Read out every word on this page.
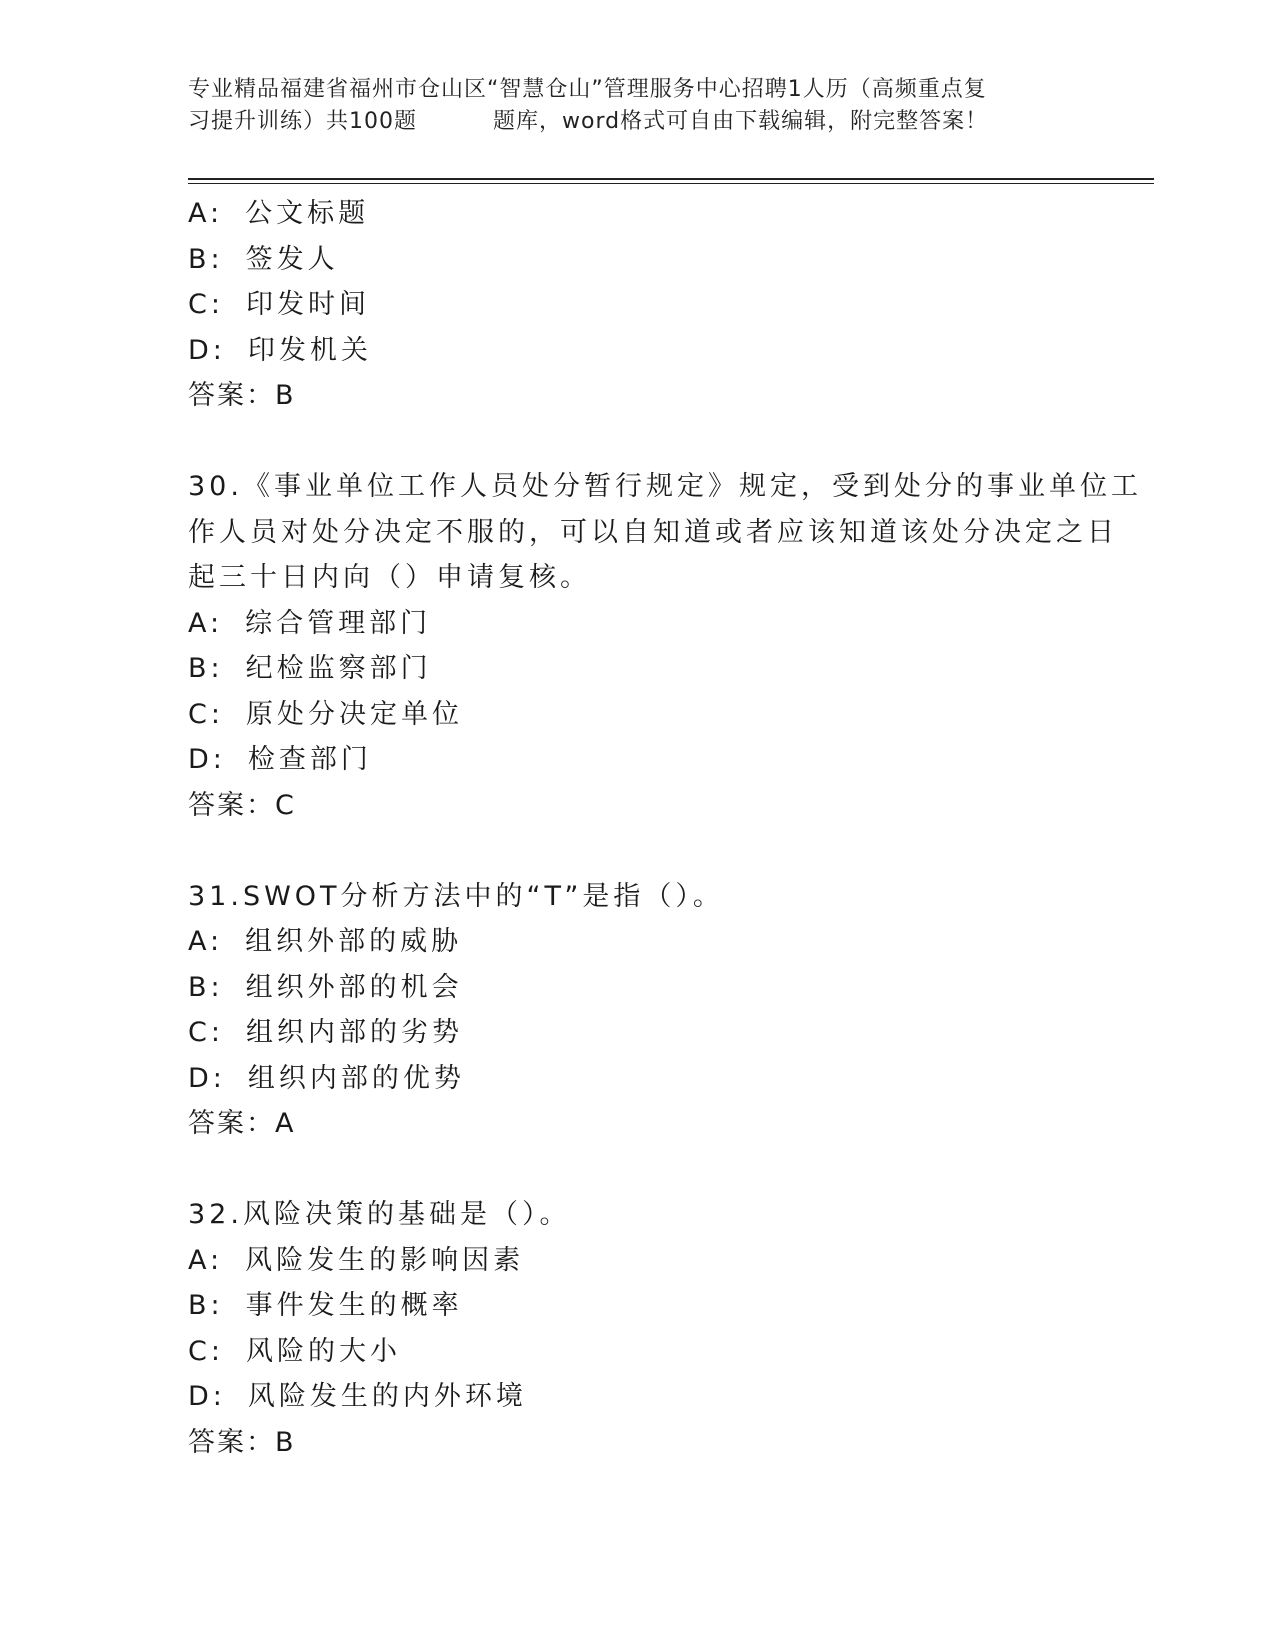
专业精品福建省福州市仓山区“智慧仓山”管理服务中心招聘1人历（高频重点复
习提升训练）共100题	题库，word格式可自由下载编辑，附完整答案！
A: 公文标题
B: 签发人
C: 印发时间
D: 印发机关
答案：B
30.《事业单位工作人员处分暂行规定》规定，受到处分的事业单位工
作人员对处分决定不服的，可以自知道或者应该知道该处分决定之日
起三十日内向（）申请复核。
A: 综合管理部门
B: 纪检监察部门
C: 原处分决定单位
D: 检查部门
答案：C
31.SWOT分析方法中的“T”是指（）。
A: 组织外部的威胁
B: 组织外部的机会
C: 组织内部的劣势
D: 组织内部的优势
答案：A
32.风险决策的基础是（）。
A: 风险发生的影响因素
B: 事件发生的概率
C: 风险的大小
D: 风险发生的内外环境
答案：B
